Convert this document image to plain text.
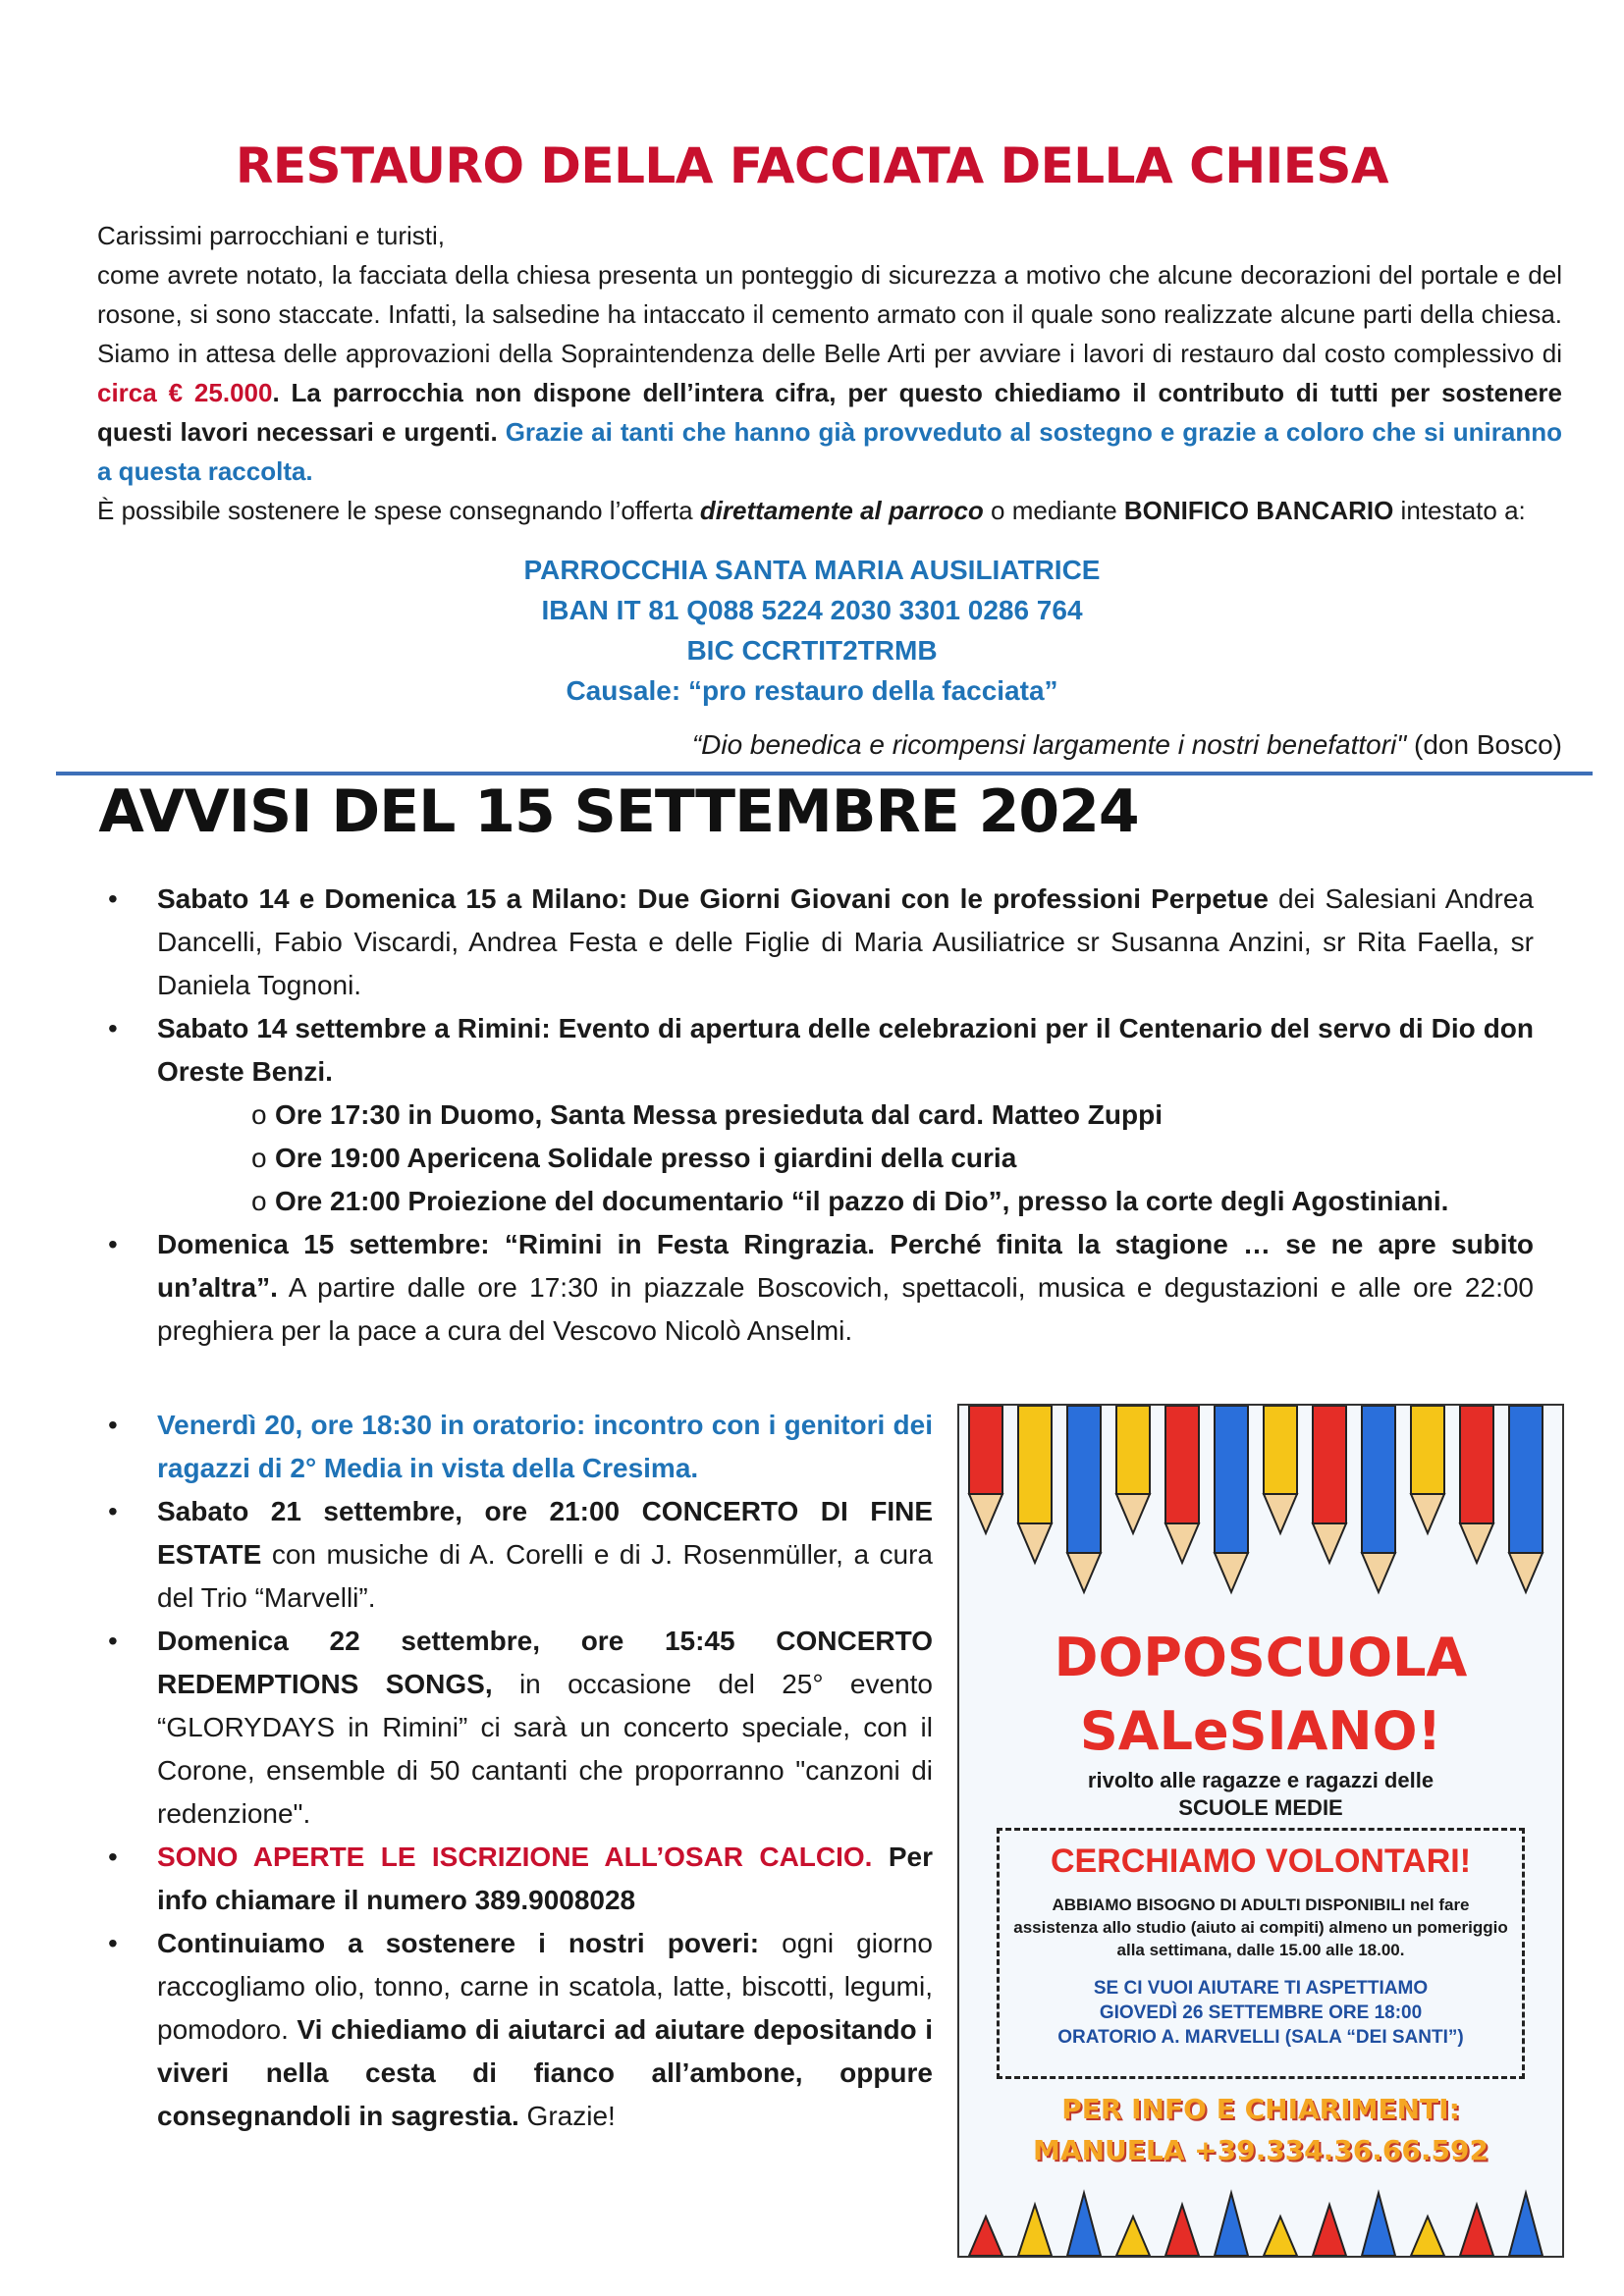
RESTAURO DELLA FACCIATA DELLA CHIESA

Carissimi parrocchiani e turisti,

come avrete notato, la facciata della chiesa presenta un ponteggio di sicurezza a motivo che alcune decorazioni del portale e del rosone, si sono staccate. Infatti, la salsedine ha intaccato il cemento armato con il quale sono realizzate alcune parti della chiesa. Siamo in attesa delle approvazioni della Sopraintendenza delle Belle Arti per avviare i lavori di restauro dal costo complessivo di circa € 25.000. La parrocchia non dispone dell’intera cifra, per questo chiediamo il contributo di tutti per sostenere questi lavori necessari e urgenti. Grazie ai tanti che hanno già provveduto al sostegno e grazie a coloro che si uniranno a questa raccolta.

È possibile sostenere le spese consegnando l’offerta direttamente al parroco o mediante BONIFICO BANCARIO intestato a:

PARROCCHIA SANTA MARIA AUSILIATRICE
IBAN IT 81 Q088 5224 2030 3301 0286 764
BIC CCRTIT2TRMB
Causale: “pro restauro della facciata”
“Dio benedica e ricompensi largamente i nostri benefattori" (don Bosco)
AVVISI DEL 15 SETTEMBRE 2024
• Sabato 14 e Domenica 15 a Milano: Due Giorni Giovani con le professioni Perpetue dei Salesiani Andrea Dancelli, Fabio Viscardi, Andrea Festa e delle Figlie di Maria Ausiliatrice sr Susanna Anzini, sr Rita Faella, sr Daniela Tognoni.
• Sabato 14 settembre a Rimini: Evento di apertura delle celebrazioni per il Centenario del servo di Dio don Oreste Benzi.
o Ore 17:30 in Duomo, Santa Messa presieduta dal card. Matteo Zuppi
o Ore 19:00 Apericena Solidale presso i giardini della curia
o Ore 21:00 Proiezione del documentario “il pazzo di Dio”, presso la corte degli Agostiniani.
• Domenica 15 settembre: “Rimini in Festa Ringrazia. Perché finita la stagione … se ne apre subito un’altra”. A partire dalle ore 17:30 in piazzale Boscovich, spettacoli, musica e degustazioni e alle ore 22:00 preghiera per la pace a cura del Vescovo Nicolò Anselmi.
• Venerdì 20, ore 18:30 in oratorio: incontro con i genitori dei ragazzi di 2° Media in vista della Cresima.
• Sabato 21 settembre, ore 21:00 CONCERTO DI FINE ESTATE con musiche di A. Corelli e di J. Rosenmüller, a cura del Trio “Marvelli”.
• Domenica 22 settembre, ore 15:45 CONCERTO REDEMPTIONS SONGS, in occasione del 25° evento “GLORYDAYS in Rimini” ci sarà un concerto speciale, con il Corone, ensemble di 50 cantanti che proporranno "canzoni di redenzione".
• SONO APERTE LE ISCRIZIONE ALL’OSAR CALCIO. Per info chiamare il numero 389.9008028
• Continuiamo a sostenere i nostri poveri: ogni giorno raccogliamo olio, tonno, carne in scatola, latte, biscotti, legumi, pomodoro. Vi chiediamo di aiutarci ad aiutare depositando i viveri nella cesta di fianco all’ambone, oppure consegnandoli in sagrestia. Grazie!
DOPOSCUOLA
SALeSIANO!
rivolto alle ragazze e ragazzi delle
SCUOLE MEDIE
CERCHIAMO VOLONTARI!
ABBIAMO BISOGNO DI ADULTI DISPONIBILI nel fare assistenza allo studio (aiuto ai compiti) almeno un pomeriggio alla settimana, dalle 15.00 alle 18.00.
SE CI VUOI AIUTARE TI ASPETTIAMO
GIOVEDÌ 26 SETTEMBRE ORE 18:00
ORATORIO A. MARVELLI (SALA “DEI SANTI”)
PER INFO E CHIARIMENTI:
MANUELA +39.334.36.66.592
